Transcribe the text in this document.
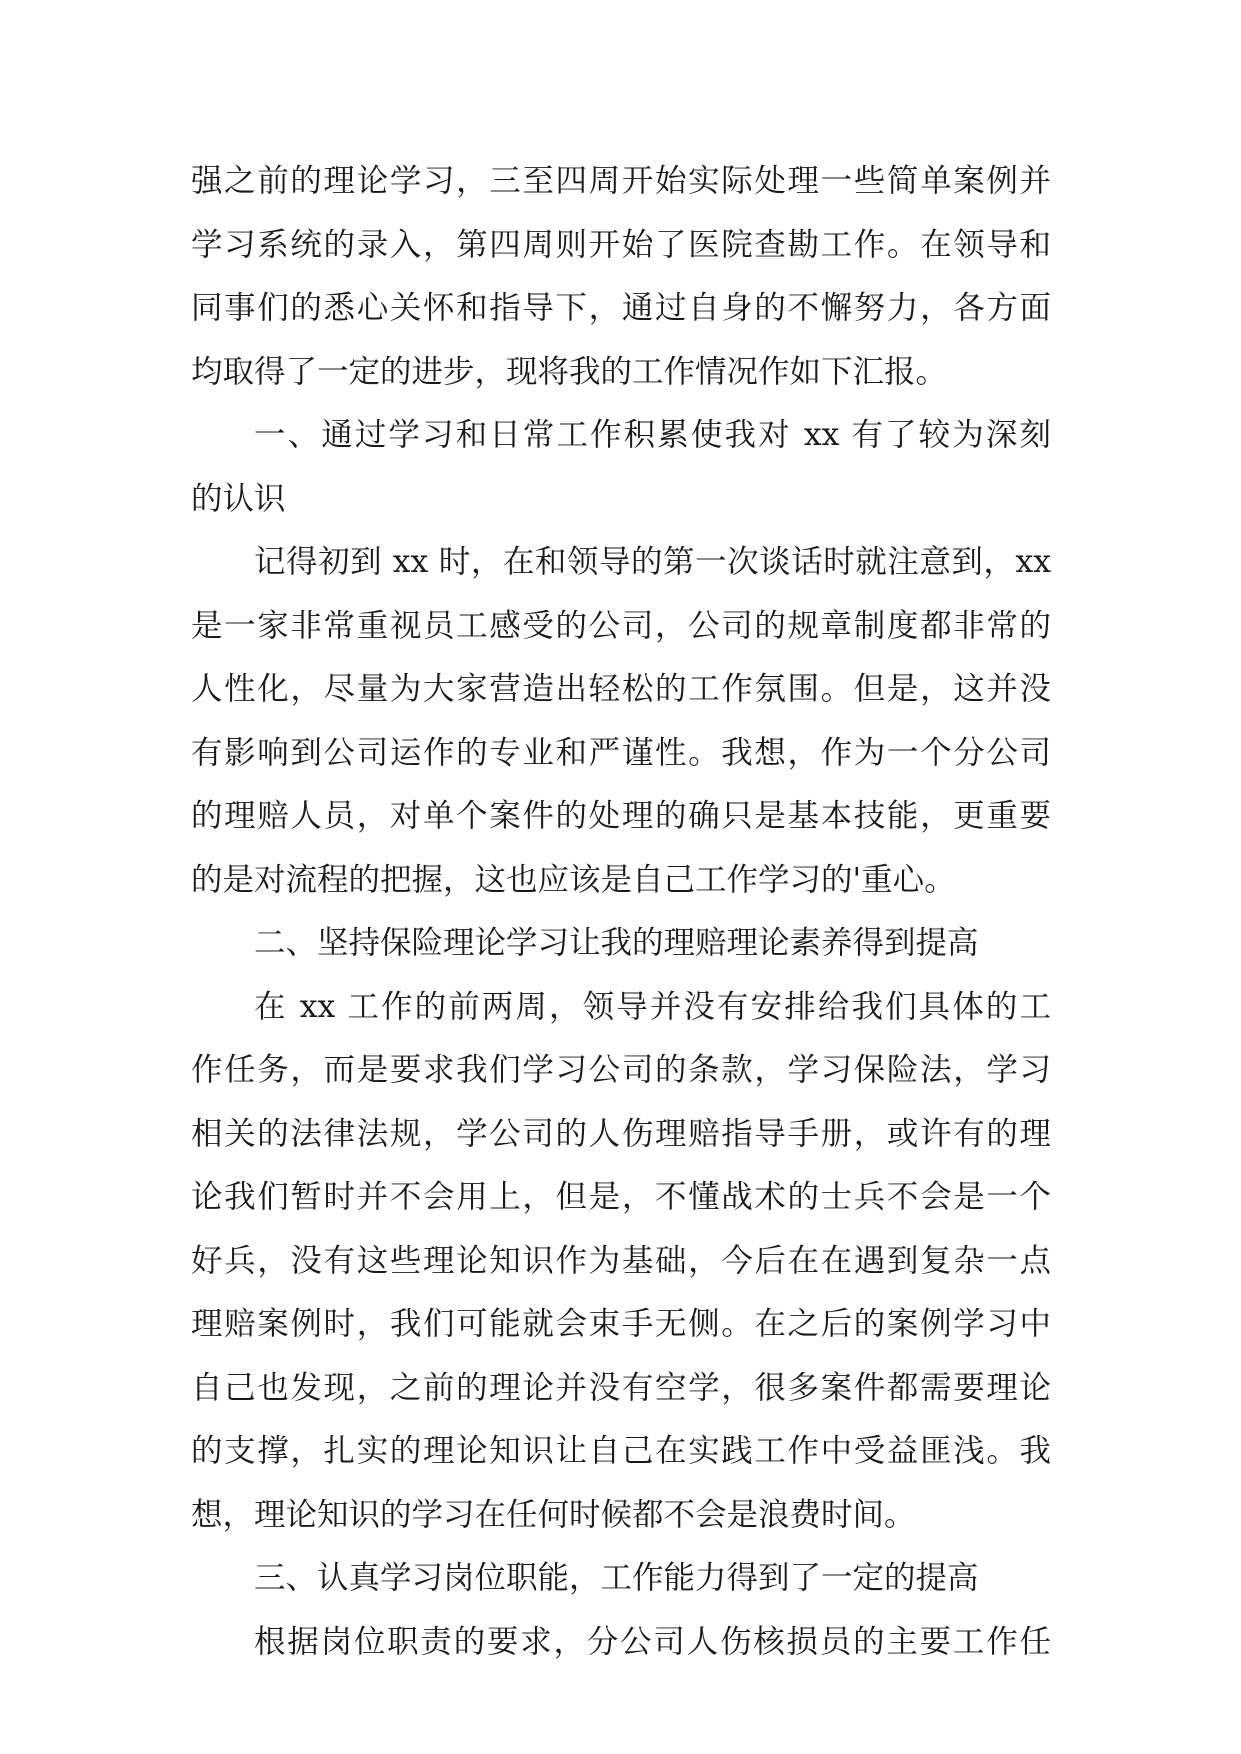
强之前的理论学习，三至四周开始实际处理一些简单案例并
学习系统的录入，第四周则开始了医院查勘工作。在领导和
同事们的悉心关怀和指导下，通过自身的不懈努力，各方面
均取得了一定的进步，现将我的工作情况作如下汇报。
一、通过学习和日常工作积累使我对 xx 有了较为深刻
的认识
记得初到 xx 时，在和领导的第一次谈话时就注意到，xx
是一家非常重视员工感受的公司，公司的规章制度都非常的
人性化，尽量为大家营造出轻松的工作氛围。但是，这并没
有影响到公司运作的专业和严谨性。我想，作为一个分公司
的理赔人员，对单个案件的处理的确只是基本技能，更重要
的是对流程的把握，这也应该是自己工作学习的'重心。
二、坚持保险理论学习让我的理赔理论素养得到提高
在 xx 工作的前两周，领导并没有安排给我们具体的工
作任务，而是要求我们学习公司的条款，学习保险法，学习
相关的法律法规，学公司的人伤理赔指导手册，或许有的理
论我们暂时并不会用上，但是，不懂战术的士兵不会是一个
好兵，没有这些理论知识作为基础，今后在在遇到复杂一点
理赔案例时，我们可能就会束手无侧。在之后的案例学习中
自己也发现，之前的理论并没有空学，很多案件都需要理论
的支撑，扎实的理论知识让自己在实践工作中受益匪浅。我
想，理论知识的学习在任何时候都不会是浪费时间。
三、认真学习岗位职能，工作能力得到了一定的提高
根据岗位职责的要求，分公司人伤核损员的主要工作任
